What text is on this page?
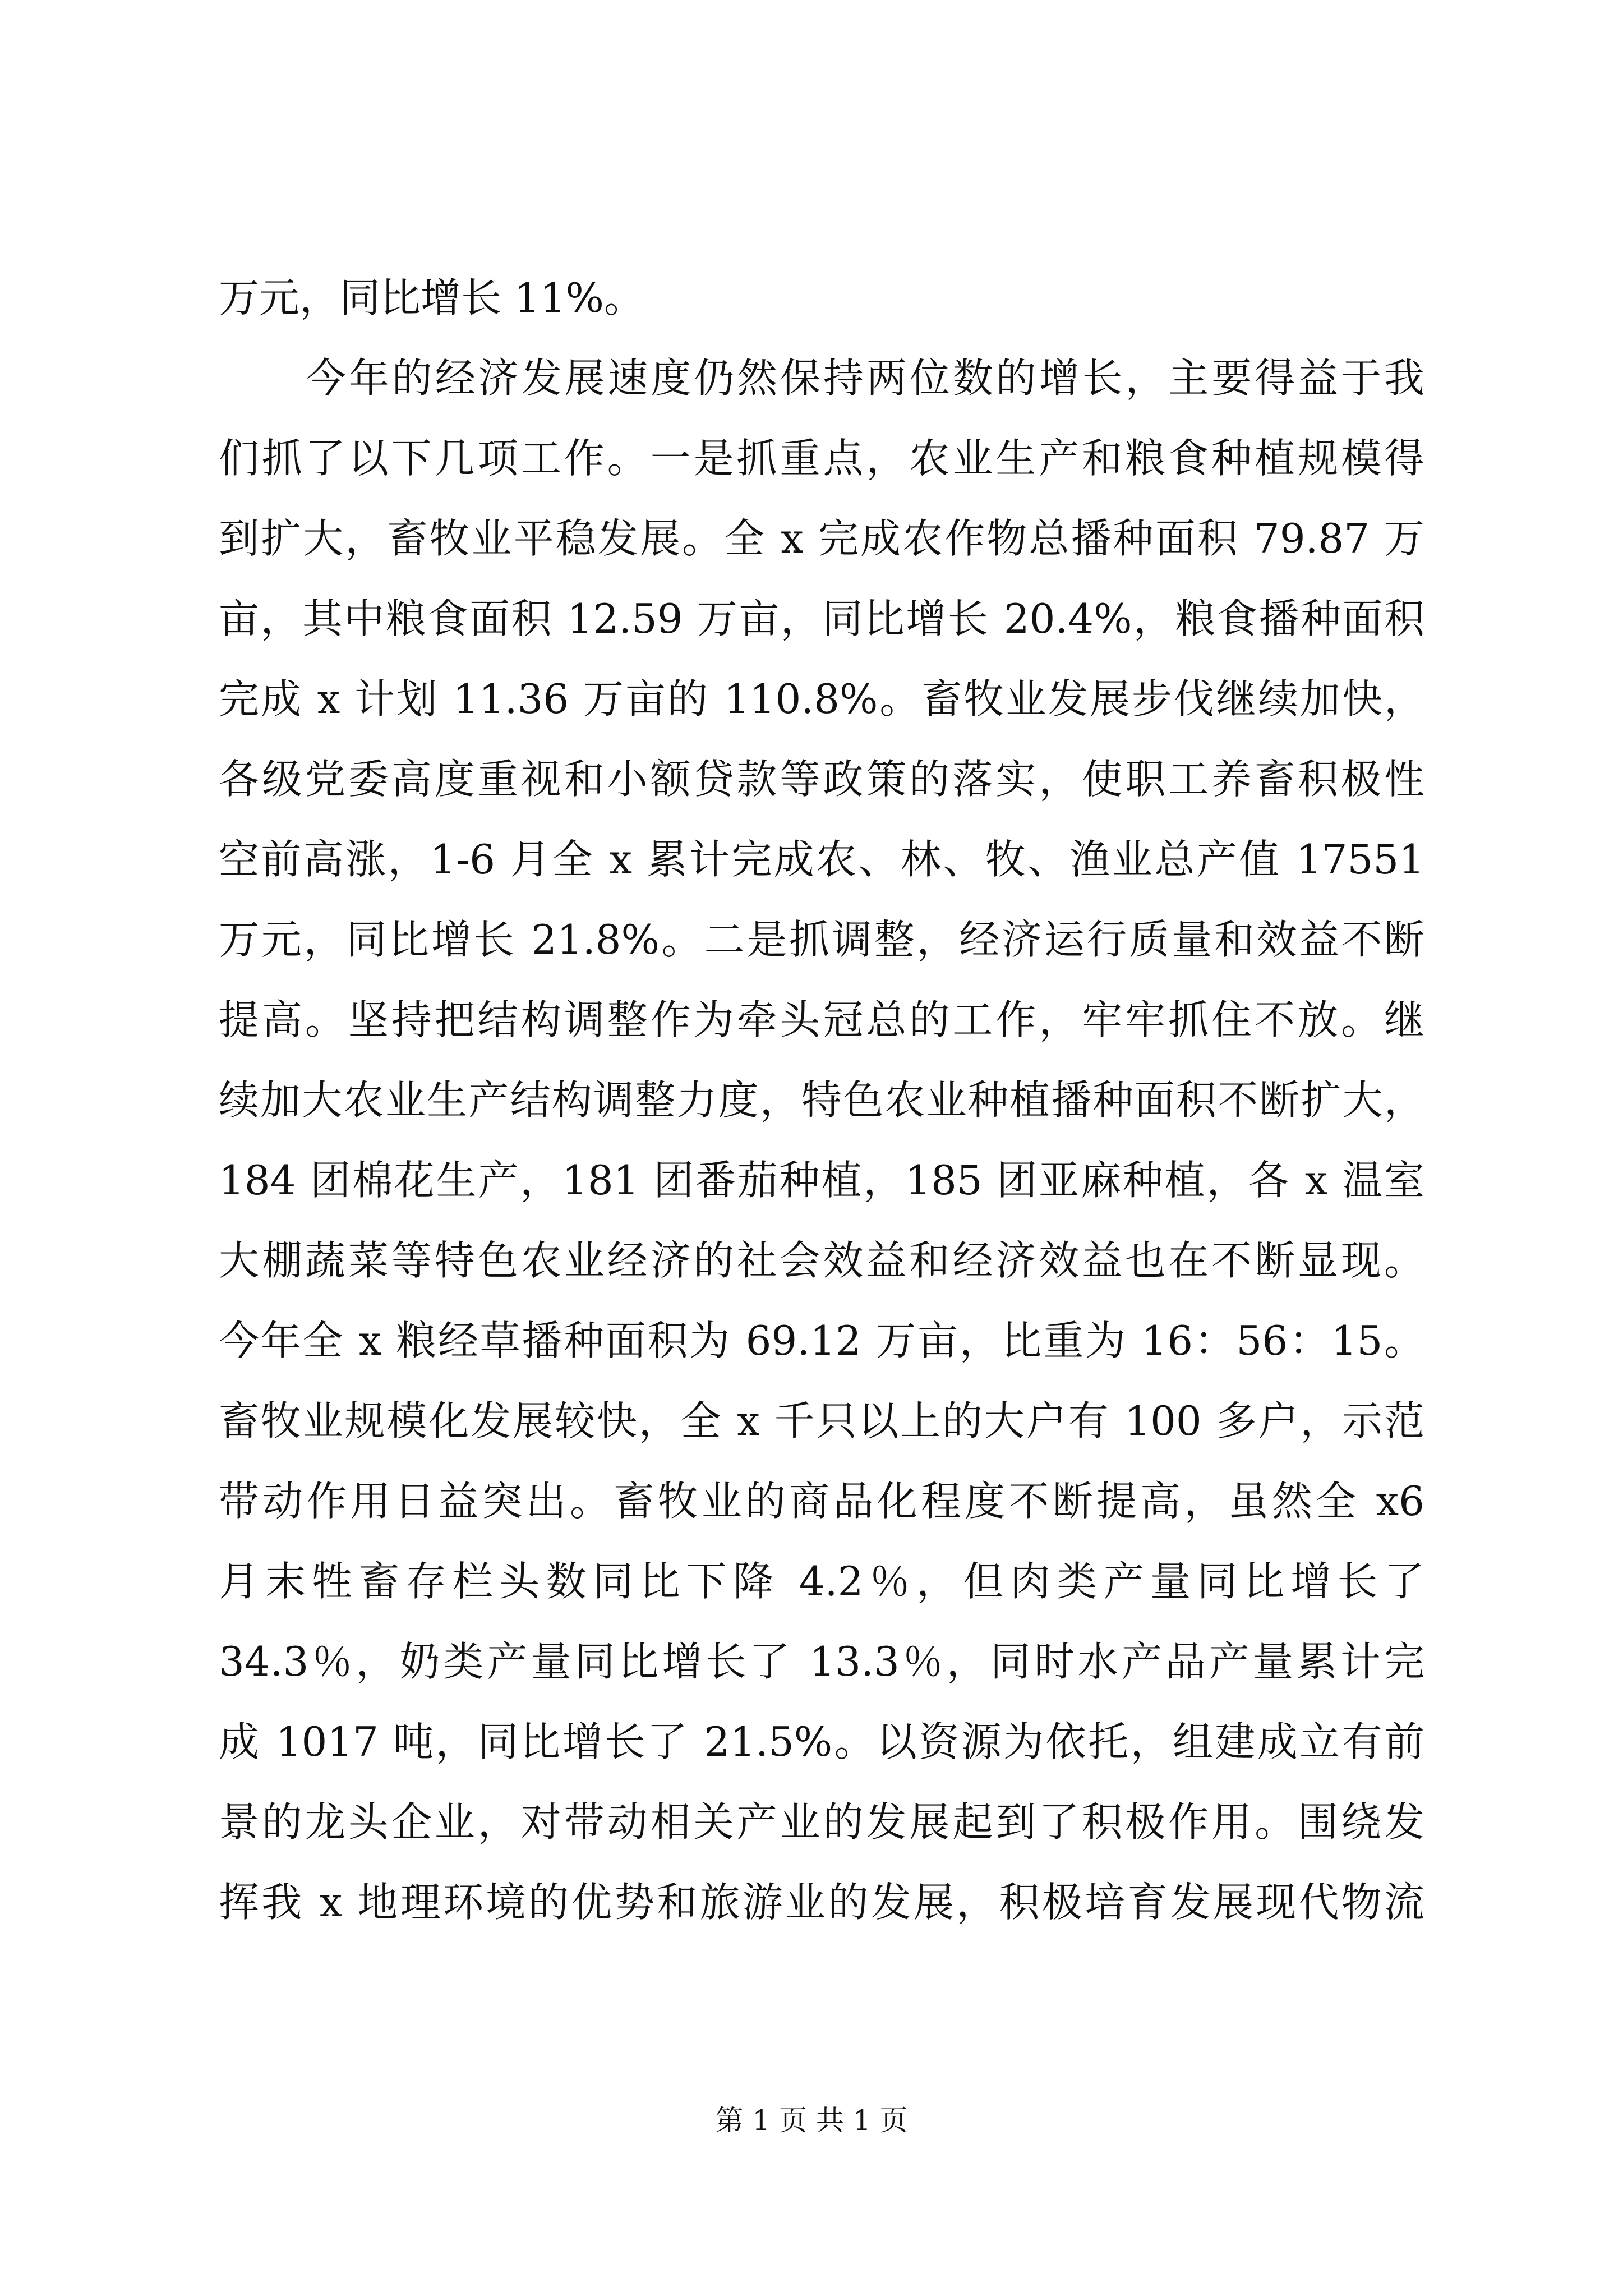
万元，同比增长 11%。
今年的经济发展速度仍然保持两位数的增长，主要得益于我
们抓了以下几项工作。一是抓重点，农业生产和粮食种植规模得
到扩大，畜牧业平稳发展。全 x 完成农作物总播种面积 79.87 万
亩，其中粮食面积 12.59 万亩，同比增长 20.4%，粮食播种面积
完成 x 计划 11.36 万亩的 110.8%。畜牧业发展步伐继续加快，
各级党委高度重视和小额贷款等政策的落实，使职工养畜积极性
空前高涨，1-6 月全 x 累计完成农、林、牧、渔业总产值 17551
万元，同比增长 21.8%。二是抓调整，经济运行质量和效益不断
提高。坚持把结构调整作为牵头冠总的工作，牢牢抓住不放。继
续加大农业生产结构调整力度，特色农业种植播种面积不断扩大，
184 团棉花生产，181 团番茄种植，185 团亚麻种植，各 x 温室
大棚蔬菜等特色农业经济的社会效益和经济效益也在不断显现。
今年全 x 粮经草播种面积为 69.12 万亩，比重为 16：56：15。
畜牧业规模化发展较快，全 x 千只以上的大户有 100 多户，示范
带动作用日益突出。畜牧业的商品化程度不断提高，虽然全 x6
月末牲畜存栏头数同比下降 4.2％，但肉类产量同比增长了
34.3％，奶类产量同比增长了 13.3％，同时水产品产量累计完
成 1017 吨，同比增长了 21.5%。以资源为依托，组建成立有前
景的龙头企业，对带动相关产业的发展起到了积极作用。围绕发
挥我 x 地理环境的优势和旅游业的发展，积极培育发展现代物流
第 1 页 共 1 页
